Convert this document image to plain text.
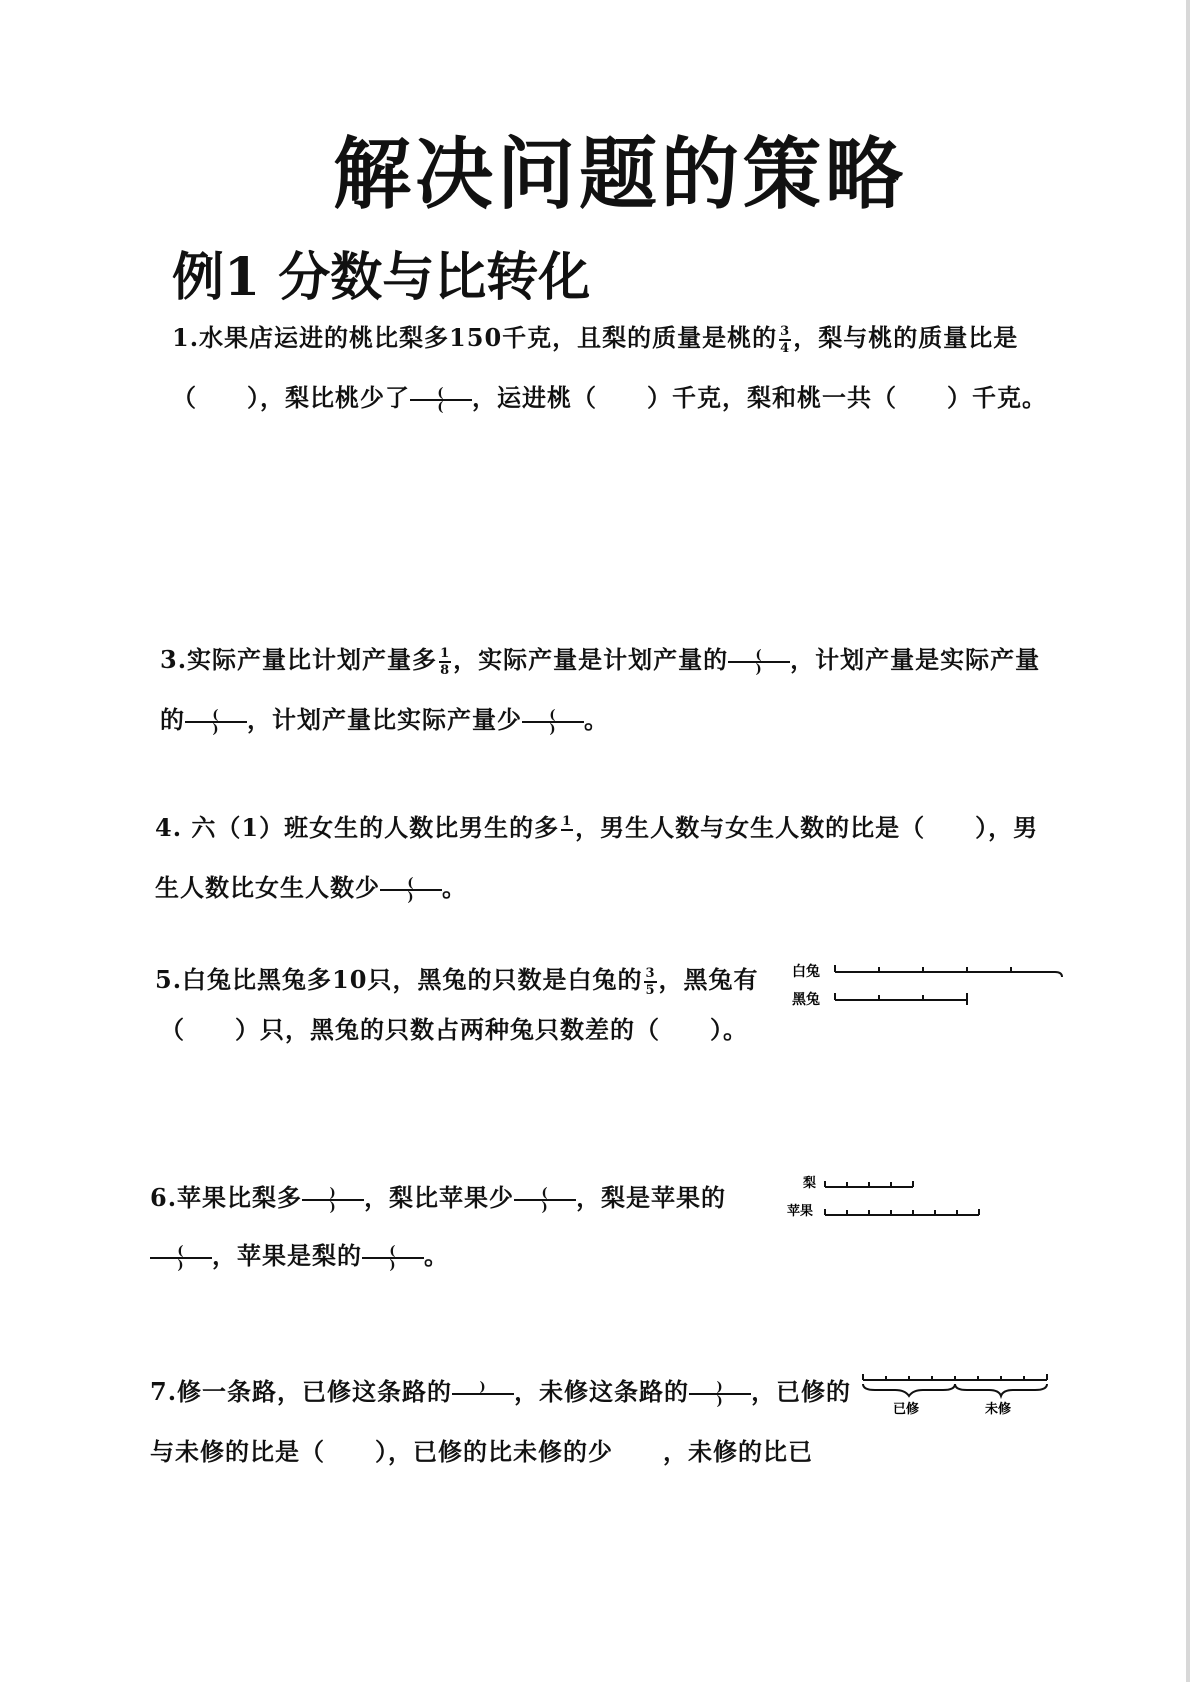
解决问题的策略
例1 分数与比转化
1.水果店运进的桃比梨多150千克，且梨的质量是桃的 $\frac{3}{4}$ ，梨与桃的质量比是
（　　），梨比桃少了	(
(	，运进桃（　　）千克，梨和桃一共（　　）千克。
3.实际产量比计划产量多 $\frac{1}{8}$ ，实际产量是计划产量的	(
)	，计划产量是实际产量
的	(
)	，计划产量比实际产量少	(
)	。
4. 六（1）班女生的人数比男生的多 1
，男生人数与女生人数的比是（　　），男
生人数比女生人数少	(
)	。
5.白兔比黑兔多10只，黑兔的只数是白兔的 $\frac{3}{5}$ ，黑兔有
（　　）只，黑兔的只数占两种兔只数差的（　　）。
白兔
黑兔
6.苹果比梨多	)
)	，梨比苹果少	(
)	，梨是苹果的
(
)	，苹果是梨的	(
)	。
梨
苹果
7.修一条路，已修这条路的	)	，未修这条路的	)
)	，已修的
与未修的比是（　　），已修的比未修的少　　，未修的比已
已修	未修
